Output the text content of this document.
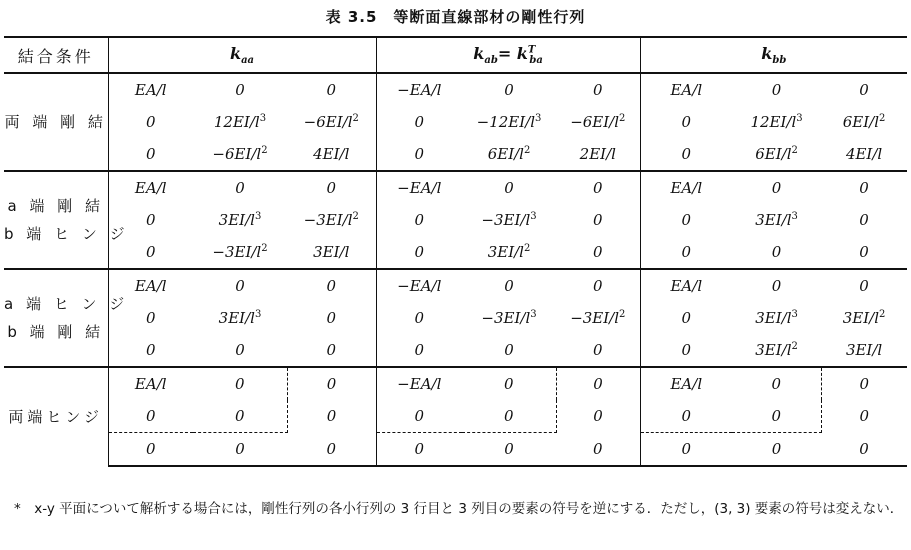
表 3.5　等断面直線部材の剛性行列
結合条件	$k_{aa}$			$k_{ab}= k^T_{ba}$			$k_{bb}$

両 端 剛 結	EA/l	0	0	−EA/l	0	0	EA/l	0	0
	0	$12EI/l^3$	$-6EI/l^2$	0	$-12EI/l^3$	$-6EI/l^2$	0	$12EI/l^3$	$6EI/l^2$
	0	$-6EI/l^2$	4EI/l	0	$6EI/l^2$	2EI/l	0	$6EI/l^2$	4EI/l

a 端 剛 結
b 端 ヒ ン ジ	EA/l	0	0	−EA/l	0	0	EA/l	0	0
	0	$3EI/l^3$	$-3EI/l^2$	0	$-3EI/l^3$	0	0	$3EI/l^3$	0
	0	$-3EI/l^2$	3EI/l	0	$3EI/l^2$	0	0	0	0

a 端 ヒ ン ジ
b 端 剛 結	EA/l	0	0	−EA/l	0	0	EA/l	0	0
	0	$3EI/l^3$	0	0	$-3EI/l^3$	$-3EI/l^2$	0	$3EI/l^3$	$3EI/l^2$
	0	0	0	0	0	0	0	$3EI/l^2$	3EI/l

両端ヒンジ	EA/l	0	0	−EA/l	0	0	EA/l	0	0
	0	0	0	0	0	0	0	0	0
	0	0	0	0	0	0	0	0	0
*　x-y 平面について解析する場合には，剛性行列の各小行列の 3 行目と 3 列目の要素の符号を逆にする．ただし，(3, 3) 要素の符号は変えない．
